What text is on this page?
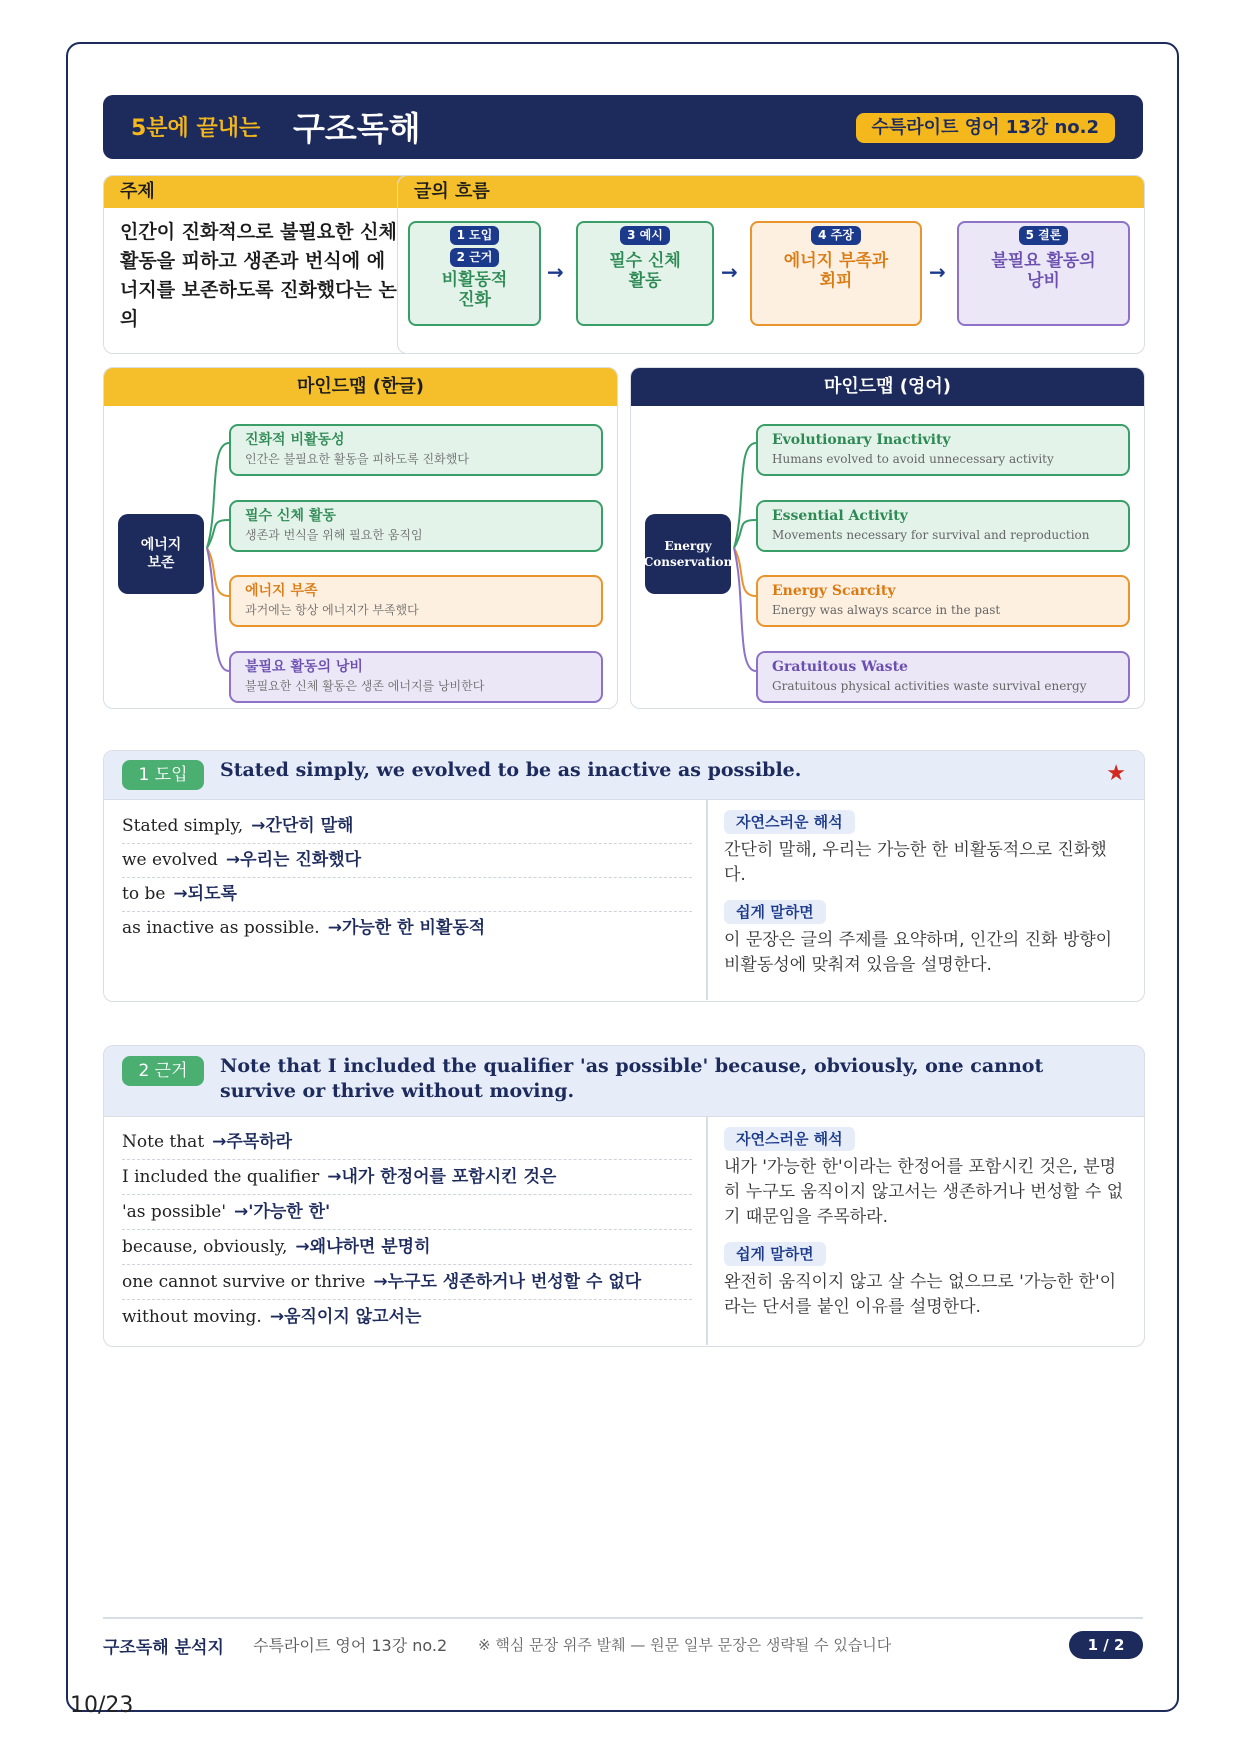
5분에 끝내는 구조독해	수특라이트 영어 13강 no.2
주제
인간이 진화적으로 불필요한 신체 활동을 피하고 생존과 번식에 에너지를 보존하도록 진화했다는 논의
글의 흐름
1 도입
2 근거
비활동적
진화
→
3 예시
필수 신체
활동	→
4 주장
에너지 부족과
회피	→
5 결론
불필요 활동의
낭비
마인드맵 (한글)
에너지
보존
진화적 비활동성
인간은 불필요한 활동을 피하도록 진화했다
필수 신체 활동
생존과 번식을 위해 필요한 움직임
에너지 부족
과거에는 항상 에너지가 부족했다
불필요 활동의 낭비
불필요한 신체 활동은 생존 에너지를 낭비한다
마인드맵 (영어)
Energy
Conservation
Evolutionary Inactivity
Humans evolved to avoid unnecessary activity
Essential Activity
Movements necessary for survival and reproduction
Energy Scarcity
Energy was always scarce in the past
Gratuitous Waste
Gratuitous physical activities waste survival energy
1 도입	Stated simply, we evolved to be as inactive as possible.	★
Stated simply, →간단히 말해
we evolved →우리는 진화했다
to be →되도록
as inactive as possible. →가능한 한 비활동적
자연스러운 해석
간단히 말해, 우리는 가능한 한 비활동적으로 진화했다.
쉽게 말하면
이 문장은 글의 주제를 요약하며, 인간의 진화 방향이 비활동성에 맞춰져 있음을 설명한다.
2 근거	Note that I included the qualifier 'as possible' because, obviously, one cannot survive or thrive without moving.
Note that →주목하라
I included the qualifier →내가 한정어를 포함시킨 것은
'as possible' →'가능한 한'
because, obviously, →왜냐하면 분명히
one cannot survive or thrive →누구도 생존하거나 번성할 수 없다
without moving. →움직이지 않고서는
자연스러운 해석
내가 '가능한 한'이라는 한정어를 포함시킨 것은, 분명히 누구도 움직이지 않고서는 생존하거나 번성할 수 없기 때문임을 주목하라.
쉽게 말하면
완전히 움직이지 않고 살 수는 없으므로 '가능한 한'이라는 단서를 붙인 이유를 설명한다.
구조독해 분석지 수특라이트 영어 13강 no.2 ※ 핵심 문장 위주 발췌 — 원문 일부 문장은 생략될 수 있습니다	1 / 2
10/23
